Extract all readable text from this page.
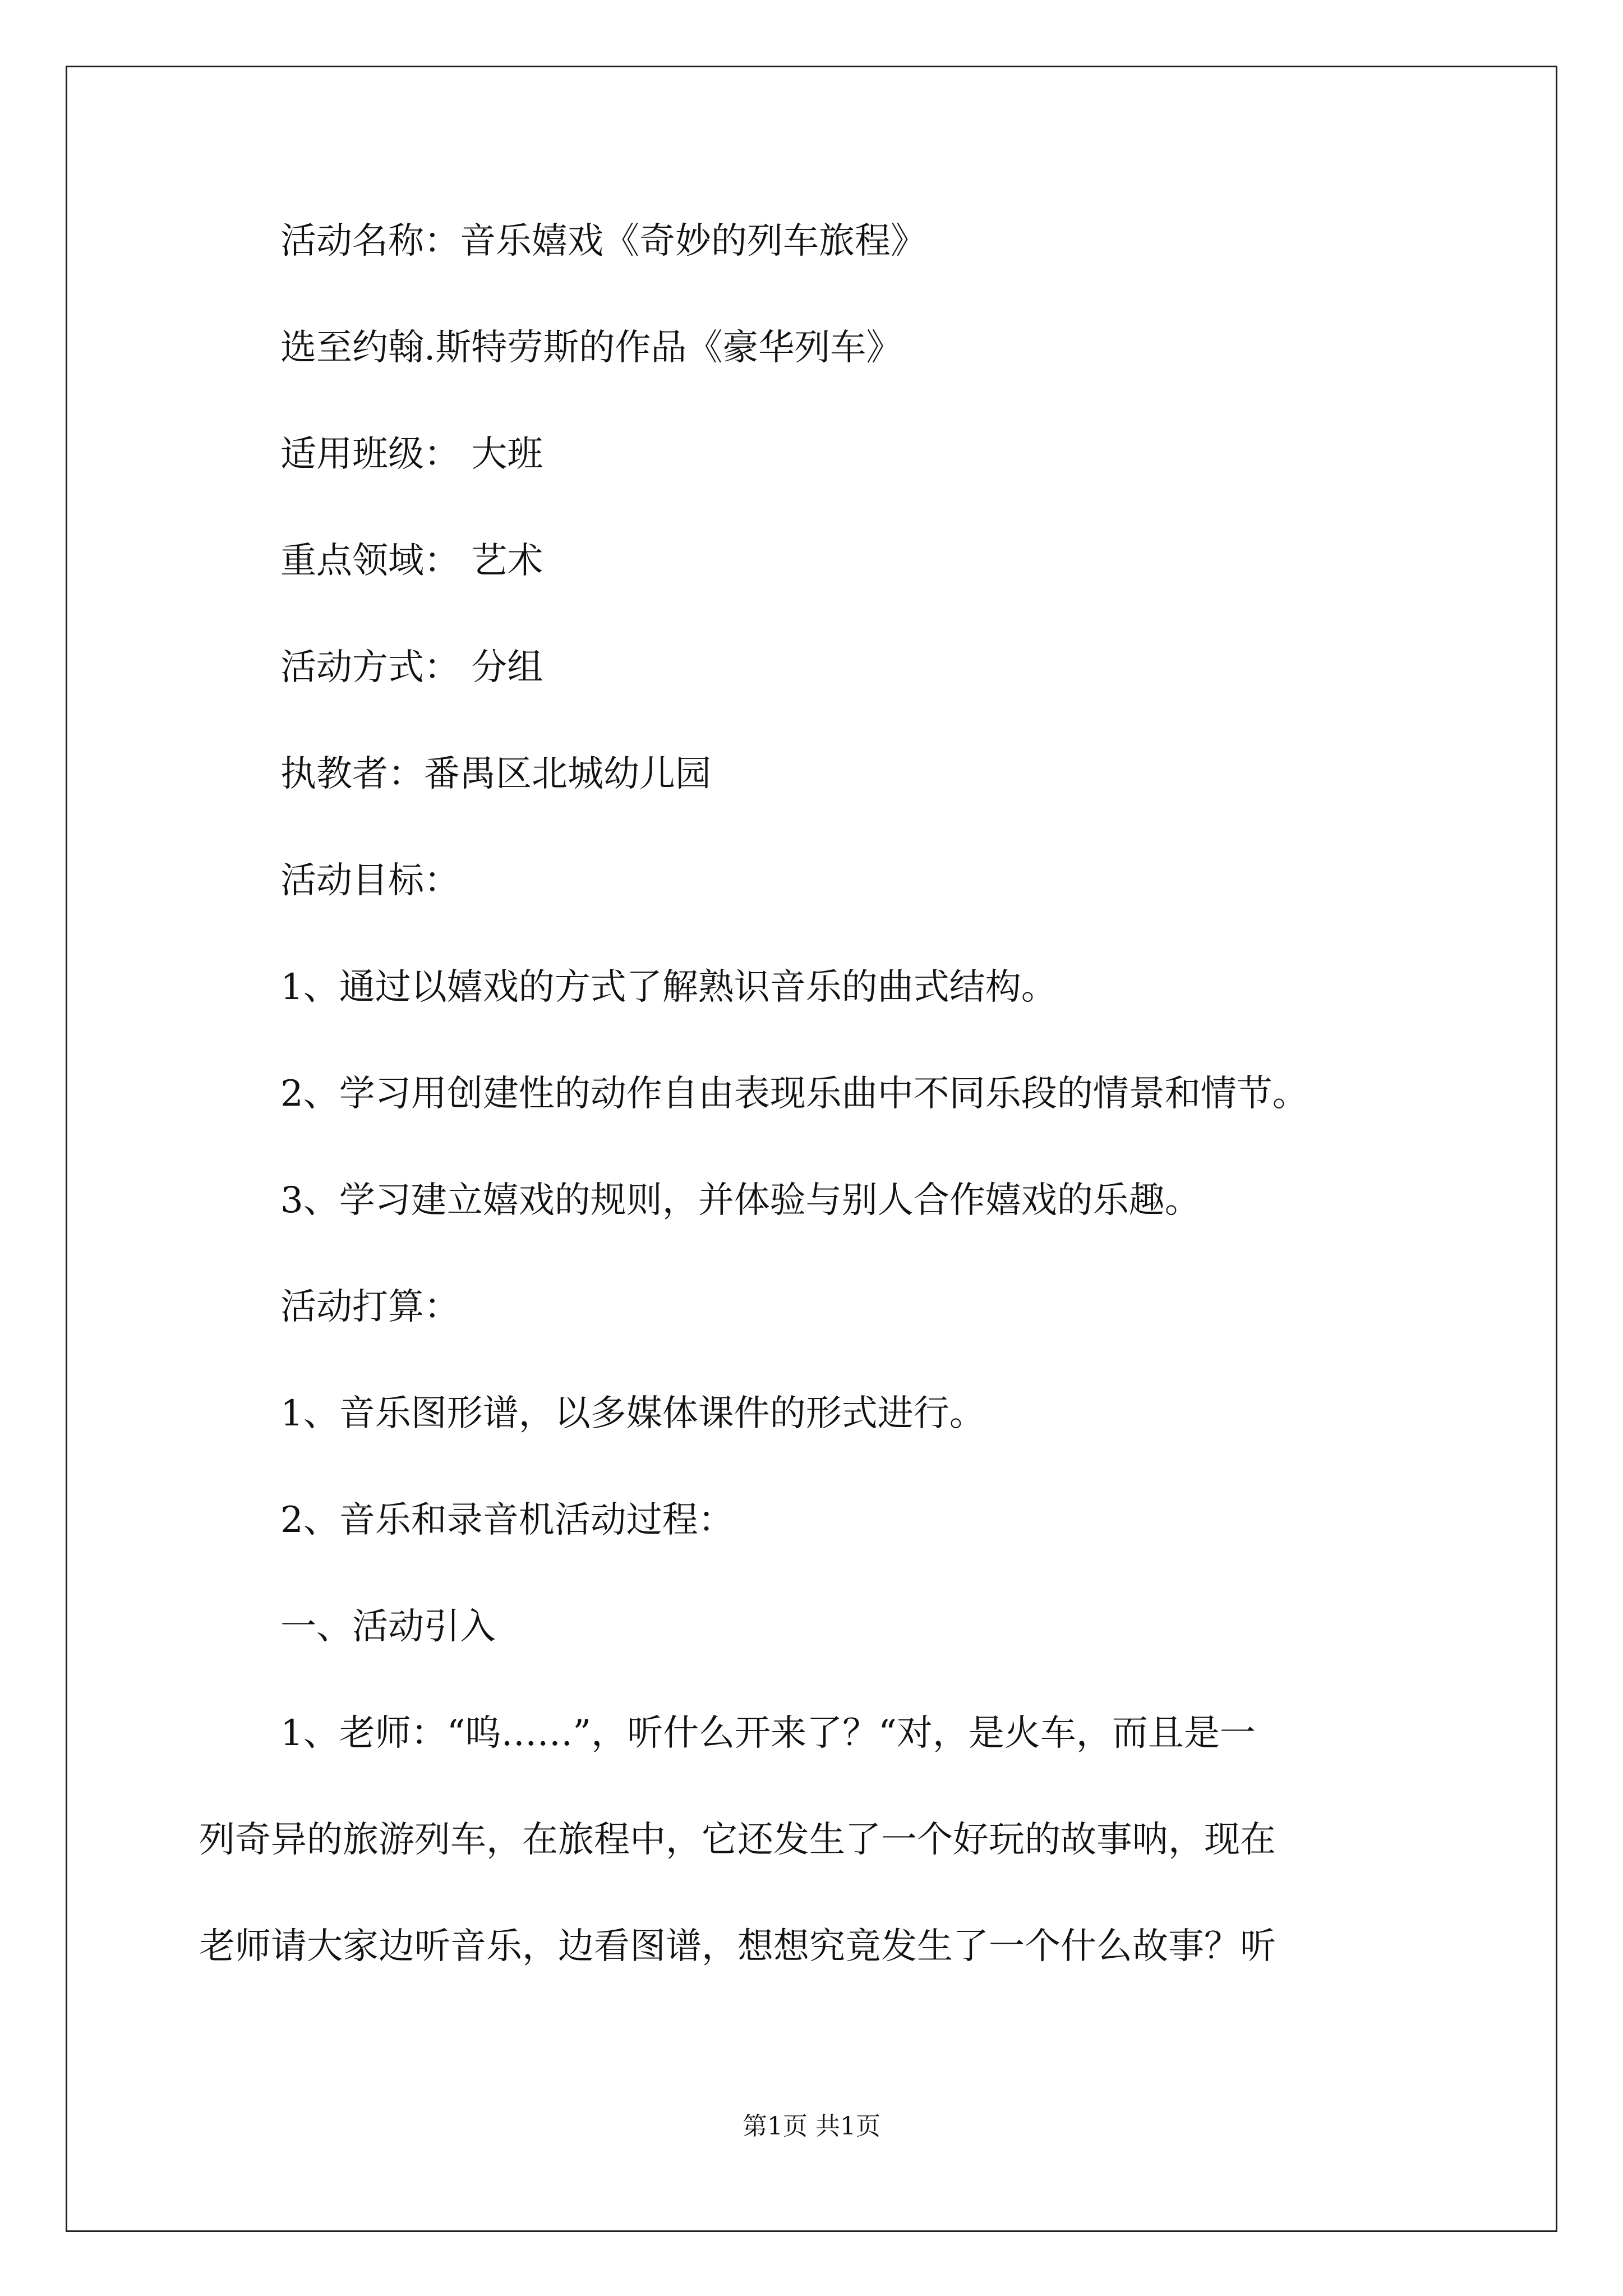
活动名称：音乐嬉戏《奇妙的列车旅程》

选至约翰.斯特劳斯的作品《豪华列车》

适用班级： 大班

重点领域： 艺术

活动方式： 分组

执教者：番禺区北城幼儿园

活动目标：

1、通过以嬉戏的方式了解熟识音乐的曲式结构。

2、学习用创建性的动作自由表现乐曲中不同乐段的情景和情节。

3、学习建立嬉戏的规则，并体验与别人合作嬉戏的乐趣。

活动打算：

1、音乐图形谱，以多媒体课件的形式进行。

2、音乐和录音机活动过程：

一、活动引入

1、老师：“呜……”，听什么开来了？“对，是火车，而且是一

列奇异的旅游列车，在旅程中，它还发生了一个好玩的故事呐，现在

老师请大家边听音乐，边看图谱，想想究竟发生了一个什么故事？听

第1页 共1页
